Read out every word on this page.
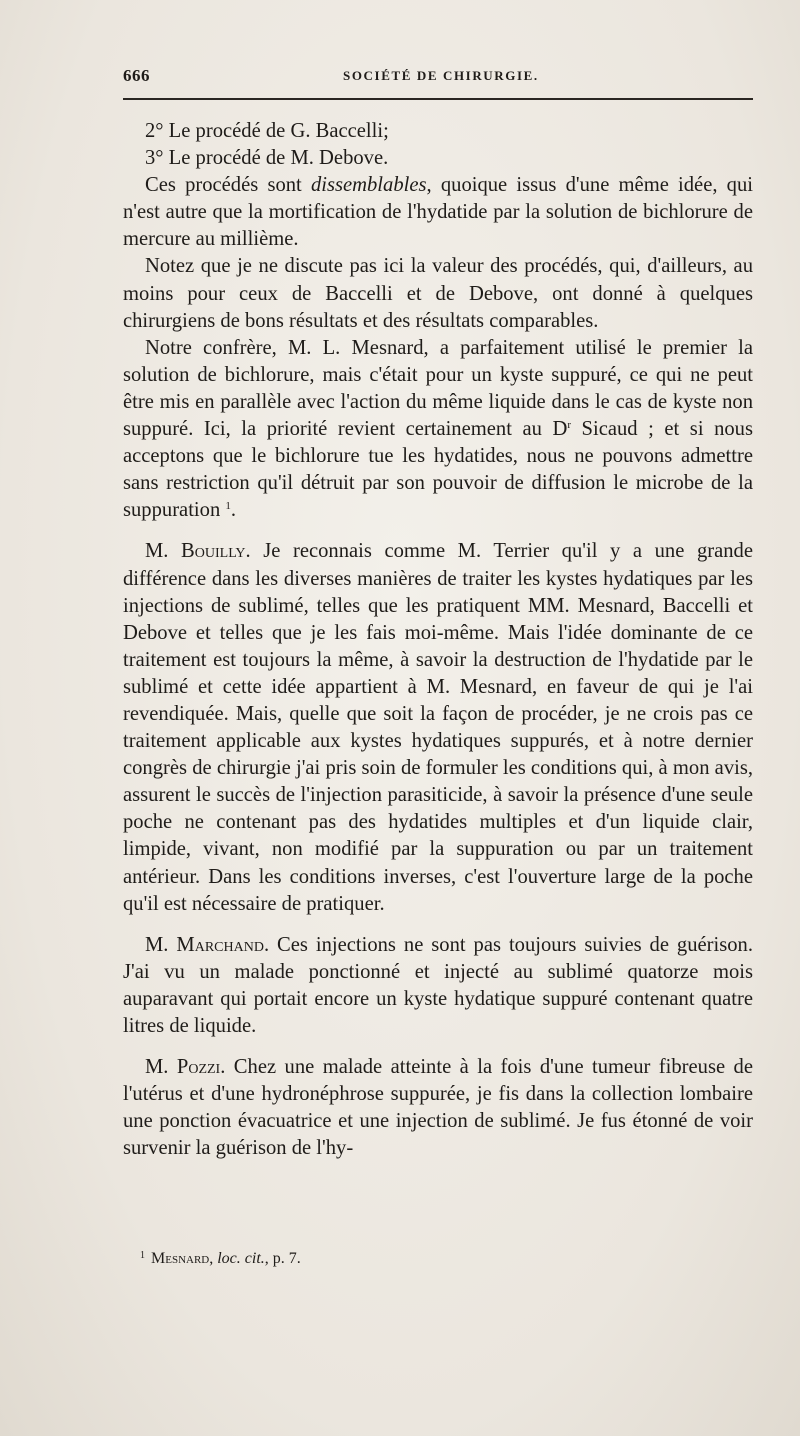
666	SOCIÉTÉ DE CHIRURGIE.

2° Le procédé de G. Baccelli;

3° Le procédé de M. Debove.

Ces procédés sont dissemblables, quoique issus d'une même idée, qui n'est autre que la mortification de l'hydatide par la solution de bichlorure de mercure au millième.

Notez que je ne discute pas ici la valeur des procédés, qui, d'ailleurs, au moins pour ceux de Baccelli et de Debove, ont donné à quelques chirurgiens de bons résultats et des résultats comparables.

Notre confrère, M. L. Mesnard, a parfaitement utilisé le premier la solution de bichlorure, mais c'était pour un kyste suppuré, ce qui ne peut être mis en parallèle avec l'action du même liquide dans le cas de kyste non suppuré. Ici, la priorité revient certainement au $D^r$ Sicaud ; et si nous acceptons que le bichlorure tue les hydatides, nous ne pouvons admettre sans restriction qu'il détruit par son pouvoir de diffusion le microbe de la suppuration $^1$.

M. Bouilly. Je reconnais comme M. Terrier qu'il y a une grande différence dans les diverses manières de traiter les kystes hydatiques par les injections de sublimé, telles que les pratiquent MM. Mesnard, Baccelli et Debove et telles que je les fais moi-même. Mais l'idée dominante de ce traitement est toujours la même, à savoir la destruction de l'hydatide par le sublimé et cette idée appartient à M. Mesnard, en faveur de qui je l'ai revendiquée. Mais, quelle que soit la façon de procéder, je ne crois pas ce traitement applicable aux kystes hydatiques suppurés, et à notre dernier congrès de chirurgie j'ai pris soin de formuler les conditions qui, à mon avis, assurent le succès de l'injection parasiticide, à savoir la présence d'une seule poche ne contenant pas des hydatides multiples et d'un liquide clair, limpide, vivant, non modifié par la suppuration ou par un traitement antérieur. Dans les conditions inverses, c'est l'ouverture large de la poche qu'il est nécessaire de pratiquer.

M. Marchand. Ces injections ne sont pas toujours suivies de guérison. J'ai vu un malade ponctionné et injecté au sublimé quatorze mois auparavant qui portait encore un kyste hydatique suppuré contenant quatre litres de liquide.

M. Pozzi. Chez une malade atteinte à la fois d'une tumeur fibreuse de l'utérus et d'une hydronéphrose suppurée, je fis dans la collection lombaire une ponction évacuatrice et une injection de sublimé. Je fus étonné de voir survenir la guérison de l'hy-

$^1$ Mesnard, loc. cit., p. 7.
